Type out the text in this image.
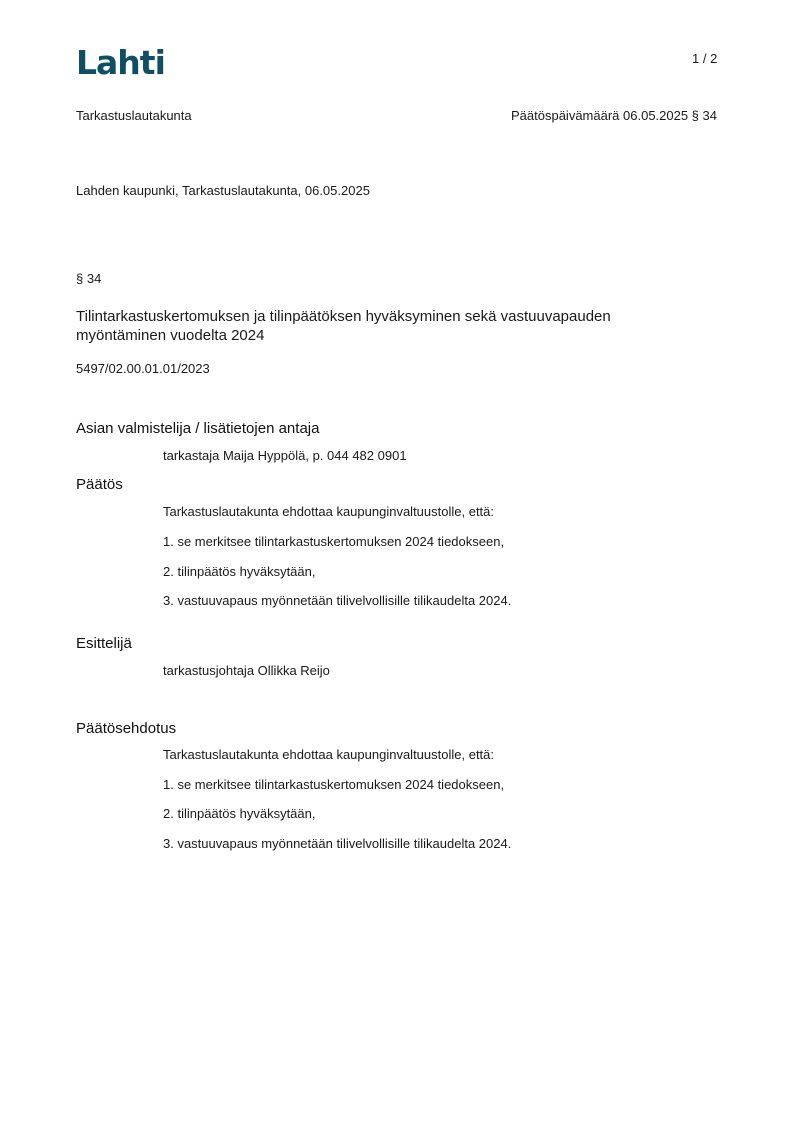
Lahti	1 / 2
Tarkastuslautakunta	Päätöspäivämäärä 06.05.2025 § 34
Lahden kaupunki, Tarkastuslautakunta, 06.05.2025
§ 34
Tilintarkastuskertomuksen ja tilinpäätöksen hyväksyminen sekä vastuuvapauden
myöntäminen vuodelta 2024
5497/02.00.01.01/2023
Asian valmistelija / lisätietojen antaja
tarkastaja Maija Hyppölä, p. 044 482 0901
Päätös
Tarkastuslautakunta ehdottaa kaupunginvaltuustolle, että:
1. se merkitsee tilintarkastuskertomuksen 2024 tiedokseen,
2. tilinpäätös hyväksytään,
3. vastuuvapaus myönnetään tilivelvollisille tilikaudelta 2024.
Esittelijä
tarkastusjohtaja Ollikka Reijo
Päätösehdotus
Tarkastuslautakunta ehdottaa kaupunginvaltuustolle, että:
1. se merkitsee tilintarkastuskertomuksen 2024 tiedokseen,
2. tilinpäätös hyväksytään,
3. vastuuvapaus myönnetään tilivelvollisille tilikaudelta 2024.
